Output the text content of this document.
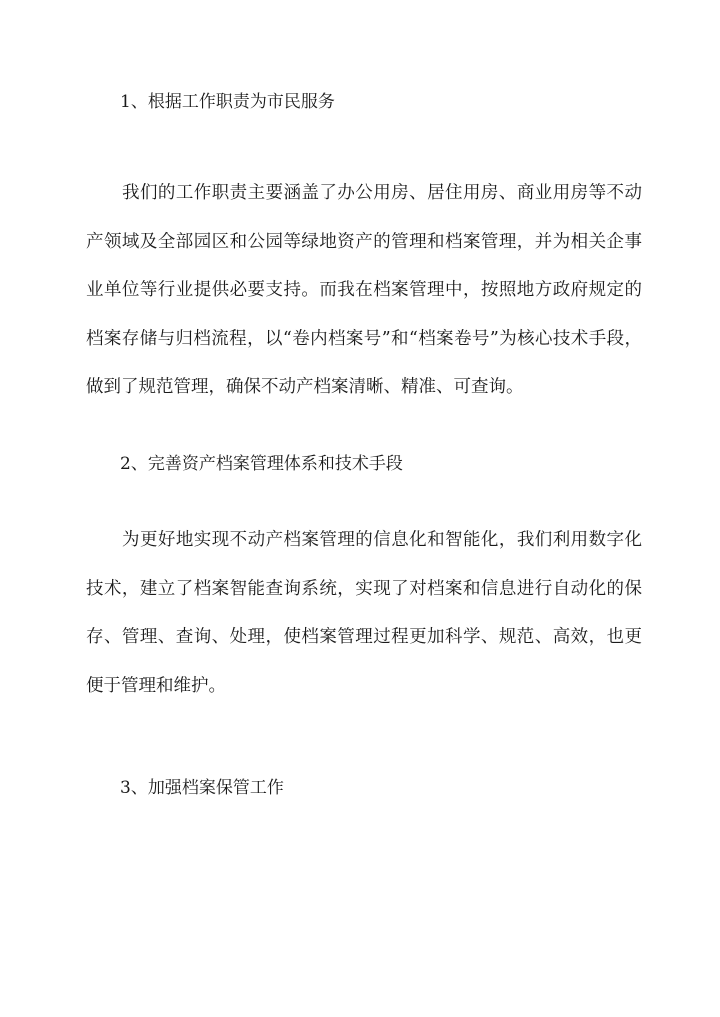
1、根据工作职责为市民服务

我们的工作职责主要涵盖了办公用房、居住用房、商业用房等不动产领域及全部园区和公园等绿地资产的管理和档案管理，并为相关企事业单位等行业提供必要支持。而我在档案管理中，按照地方政府规定的档案存储与归档流程，以“卷内档案号”和“档案卷号”为核心技术手段，做到了规范管理，确保不动产档案清晰、精准、可查询。

2、完善资产档案管理体系和技术手段

为更好地实现不动产档案管理的信息化和智能化，我们利用数字化技术，建立了档案智能查询系统，实现了对档案和信息进行自动化的保存、管理、查询、处理，使档案管理过程更加科学、规范、高效，也更便于管理和维护。

3、加强档案保管工作
